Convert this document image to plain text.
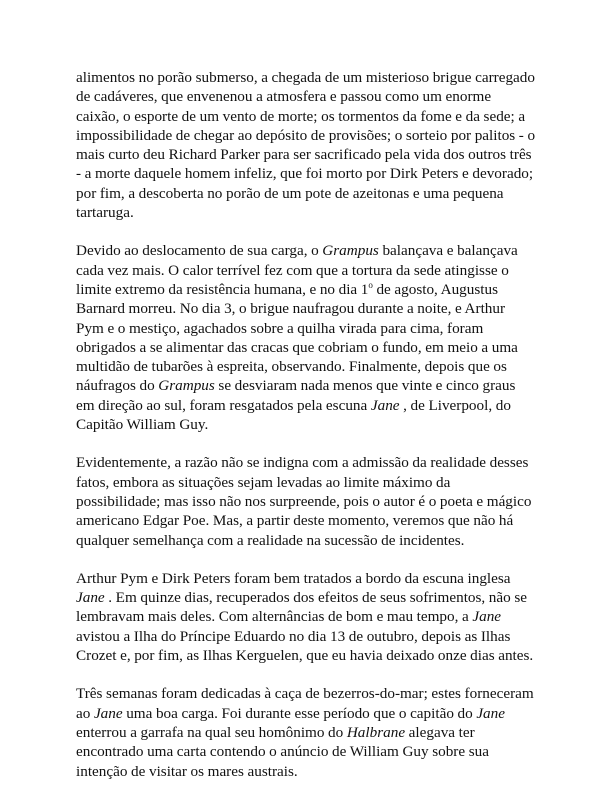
alimentos no porão submerso, a chegada de um misterioso brigue carregado de cadáveres, que envenenou a atmosfera e passou como um enorme caixão, o esporte de um vento de morte; os tormentos da fome e da sede; a impossibilidade de chegar ao depósito de provisões; o sorteio por palitos - o mais curto deu Richard Parker para ser sacrificado pela vida dos outros três - a morte daquele homem infeliz, que foi morto por Dirk Peters e devorado; por fim, a descoberta no porão de um pote de azeitonas e uma pequena tartaruga.

Devido ao deslocamento de sua carga, o Grampus balançava e balançava cada vez mais. O calor terrível fez com que a tortura da sede atingisse o limite extremo da resistência humana, e no dia 1$^o$ de agosto, Augustus Barnard morreu. No dia 3, o brigue naufragou durante a noite, e Arthur Pym e o mestiço, agachados sobre a quilha virada para cima, foram obrigados a se alimentar das cracas que cobriam o fundo, em meio a uma multidão de tubarões à espreita, observando. Finalmente, depois que os náufragos do Grampus se desviaram nada menos que vinte e cinco graus em direção ao sul, foram resgatados pela escuna Jane , de Liverpool, do Capitão William Guy.

Evidentemente, a razão não se indigna com a admissão da realidade desses fatos, embora as situações sejam levadas ao limite máximo da possibilidade; mas isso não nos surpreende, pois o autor é o poeta e mágico americano Edgar Poe. Mas, a partir deste momento, veremos que não há qualquer semelhança com a realidade na sucessão de incidentes.

Arthur Pym e Dirk Peters foram bem tratados a bordo da escuna inglesa Jane . Em quinze dias, recuperados dos efeitos de seus sofrimentos, não se lembravam mais deles. Com alternâncias de bom e mau tempo, a Jane avistou a Ilha do Príncipe Eduardo no dia 13 de outubro, depois as Ilhas Crozet e, por fim, as Ilhas Kerguelen, que eu havia deixado onze dias antes.

Três semanas foram dedicadas à caça de bezerros-do-mar; estes forneceram ao Jane uma boa carga. Foi durante esse período que o capitão do Jane enterrou a garrafa na qual seu homônimo do Halbrane alegava ter encontrado uma carta contendo o anúncio de William Guy sobre sua intenção de visitar os mares austrais.
